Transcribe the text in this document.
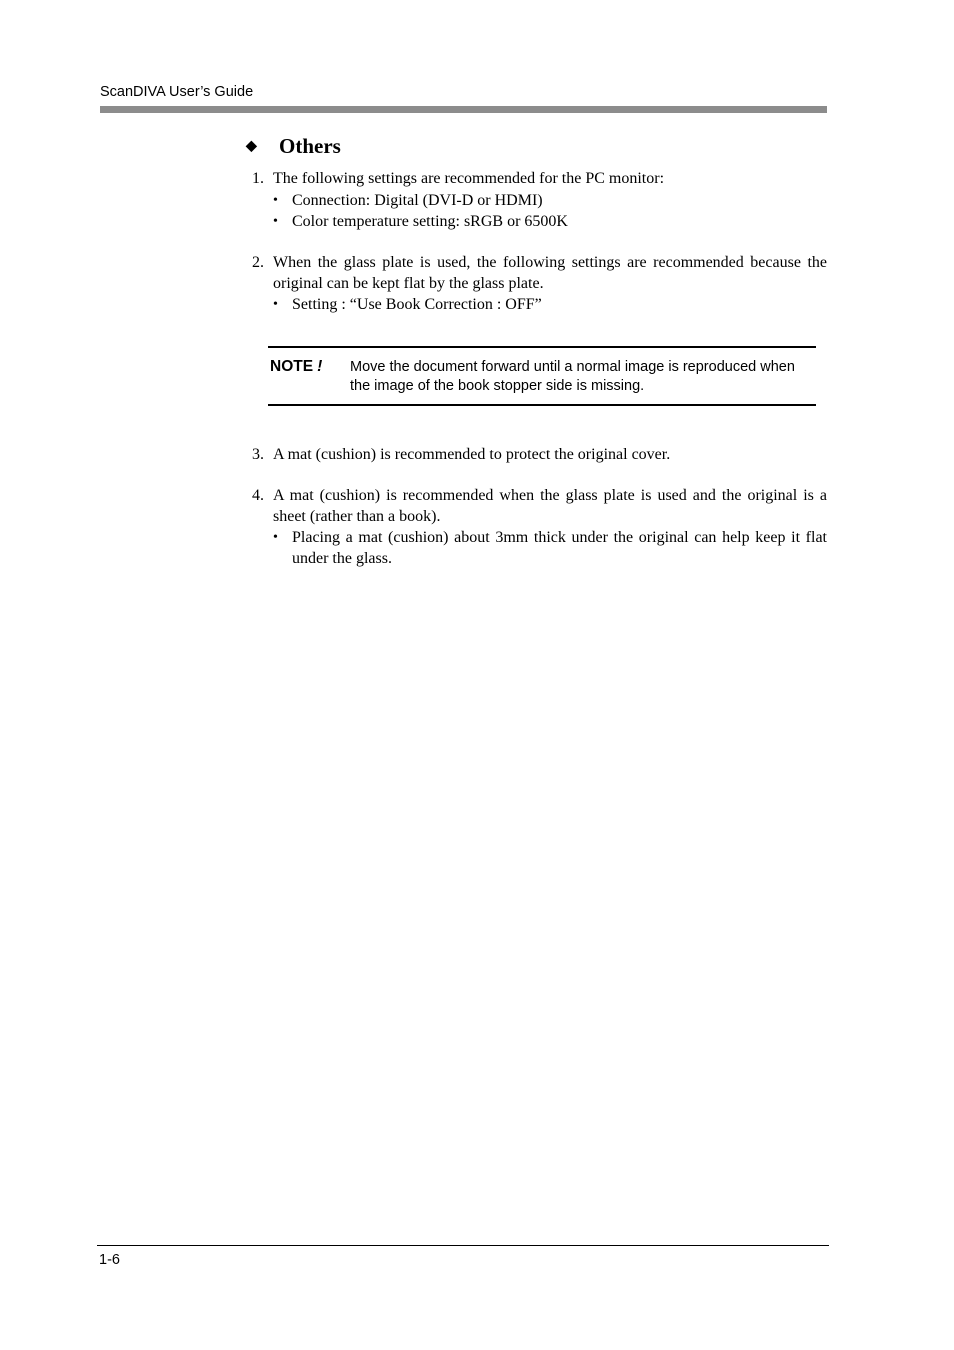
ScanDIVA User’s Guide
◆ Others
1. The following settings are recommended for the PC monitor:
• Connection: Digital (DVI-D or HDMI)
• Color temperature setting: sRGB or 6500K
2. When the glass plate is used, the following settings are recommended because the original can be kept flat by the glass plate.
• Setting : “Use Book Correction : OFF”
NOTE ! Move the document forward until a normal image is reproduced when the image of the book stopper side is missing.
3. A mat (cushion) is recommended to protect the original cover.
4. A mat (cushion) is recommended when the glass plate is used and the original is a sheet (rather than a book).
• Placing a mat (cushion) about 3mm thick under the original can help keep it flat under the glass.
1-6
